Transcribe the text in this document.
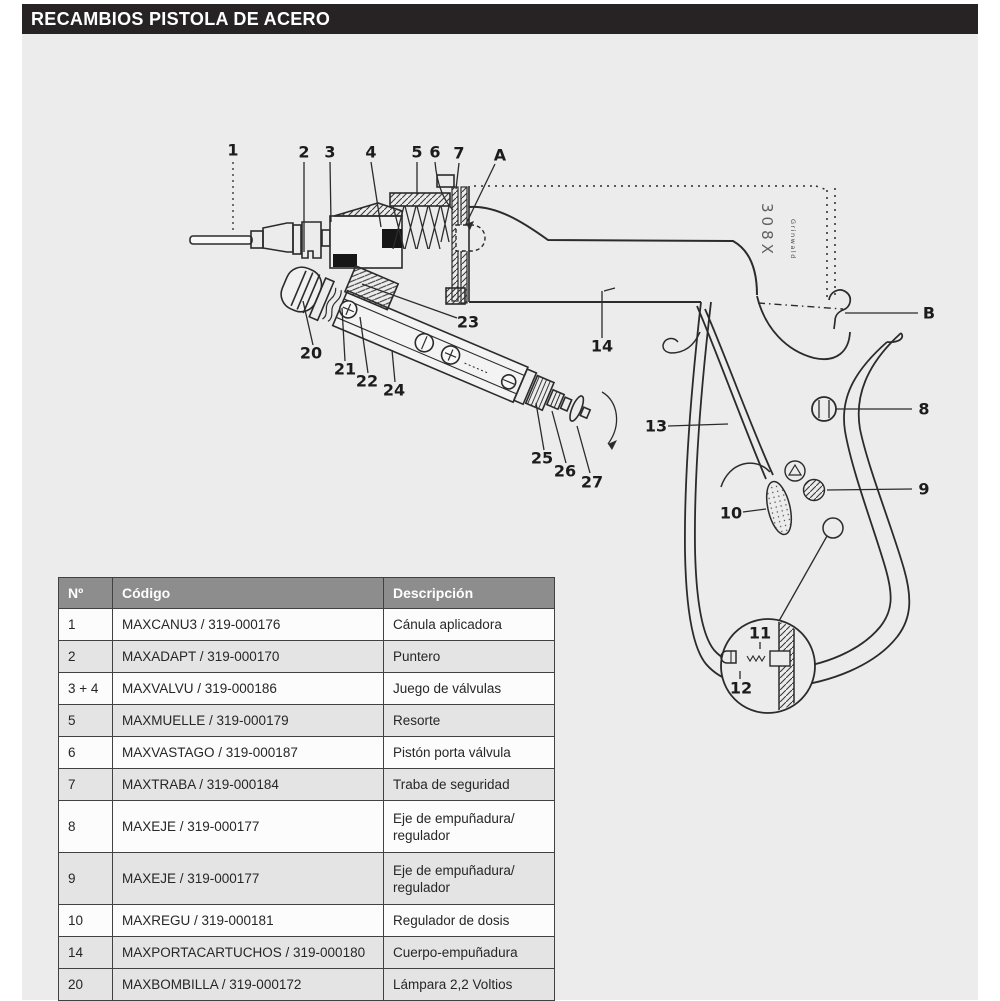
RECAMBIOS PISTOLA DE ACERO
308X Grinwald
1	2 3 4 5 6 7 A
B
8
9
10
11
12
13
14
20
21
22
23
24
25
26
27
Nº	Código	Descripción
1	MAXCANU3 / 319-000176	Cánula aplicadora
2	MAXADAPT / 319-000170	Puntero
3 + 4	MAXVALVU / 319-000186	Juego de válvulas
5	MAXMUELLE / 319-000179	Resorte
6	MAXVASTAGO / 319-000187	Pistón porta válvula
7	MAXTRABA / 319-000184	Traba de seguridad
8	MAXEJE / 319-000177	Eje de empuñadura/ regulador
9	MAXEJE / 319-000177	Eje de empuñadura/ regulador
10	MAXREGU / 319-000181	Regulador de dosis
14	MAXPORTACARTUCHOS / 319-000180	Cuerpo-empuñadura
20	MAXBOMBILLA / 319-000172	Lámpara 2,2 Voltios
